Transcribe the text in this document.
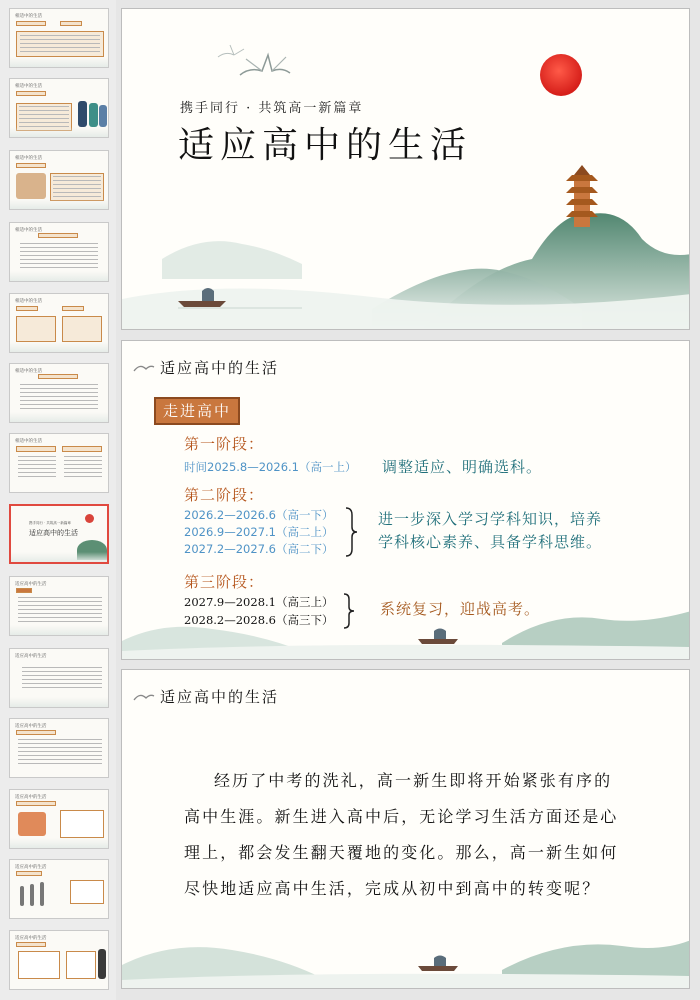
相适中的生活
相适中的生活
相适中的生活
相适中的生活
相适中的生活
相适中的生活
相适中的生活
携手同行 · 共筑高一新篇章
适应高中的生活
适应高中的生活
适应高中的生活
适应高中的生活
适应高中的生活
适应高中的生活
适应高中的生活
携手同行 · 共筑高一新篇章
适应高中的生活
适应高中的生活
走进高中
第一阶段：
时间2025.8—2026.1（高一上） 调整适应、明确选科。
第二阶段：
2026.2—2026.6（高一下）
2026.9—2027.1（高二上）
2027.2—2027.6（高二下）
进一步深入学习学科知识，培养
学科核心素养、具备学科思维。
第三阶段：
2027.9—2028.1（高三上）
2028.2—2028.6（高三下）
系统复习，迎战高考。
适应高中的生活
经历了中考的洗礼，高一新生即将开始紧张有序的
高中生涯。新生进入高中后，无论学习生活方面还是心
理上，都会发生翻天覆地的变化。那么，高一新生如何
尽快地适应高中生活，完成从初中到高中的转变呢？
